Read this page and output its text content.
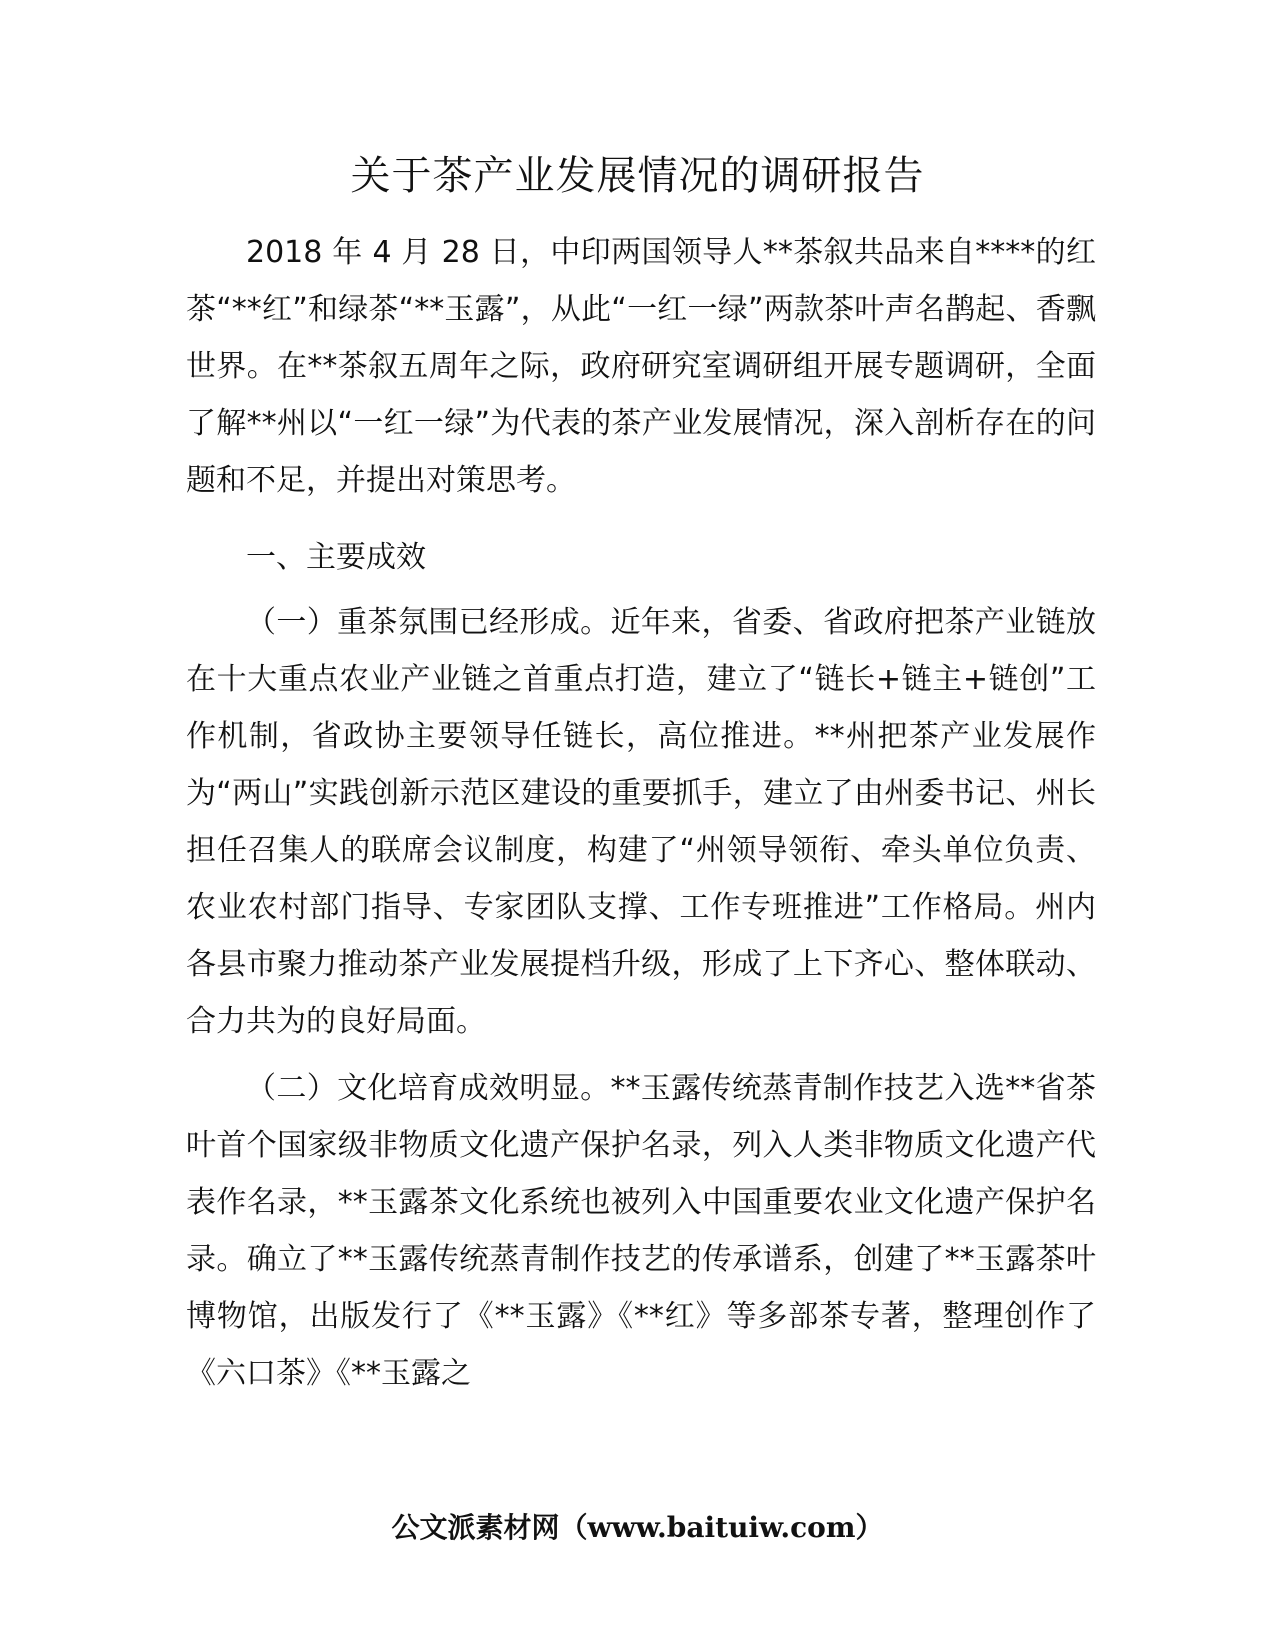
关于茶产业发展情况的调研报告

2018 年 4 月 28 日，中印两国领导人**茶叙共品来自****的红茶“**红”和绿茶“**玉露”，从此“一红一绿”两款茶叶声名鹊起、香飘世界。在**茶叙五周年之际，政府研究室调研组开展专题调研，全面了解**州以“一红一绿”为代表的茶产业发展情况，深入剖析存在的问题和不足，并提出对策思考。

一、主要成效

（一）重茶氛围已经形成。近年来，省委、省政府把茶产业链放在十大重点农业产业链之首重点打造，建立了“链长+链主+链创”工作机制，省政协主要领导任链长，高位推进。**州把茶产业发展作为“两山”实践创新示范区建设的重要抓手，建立了由州委书记、州长担任召集人的联席会议制度，构建了“州领导领衔、牵头单位负责、农业农村部门指导、专家团队支撑、工作专班推进”工作格局。州内各县市聚力推动茶产业发展提档升级，形成了上下齐心、整体联动、合力共为的良好局面。

（二）文化培育成效明显。**玉露传统蒸青制作技艺入选**省茶叶首个国家级非物质文化遗产保护名录，列入人类非物质文化遗产代表作名录，**玉露茶文化系统也被列入中国重要农业文化遗产保护名录。确立了**玉露传统蒸青制作技艺的传承谱系，创建了**玉露茶叶博物馆，出版发行了《**玉露》《**红》等多部茶专著，整理创作了《六口茶》《**玉露之

公文派素材网（www.baituiw.com）
